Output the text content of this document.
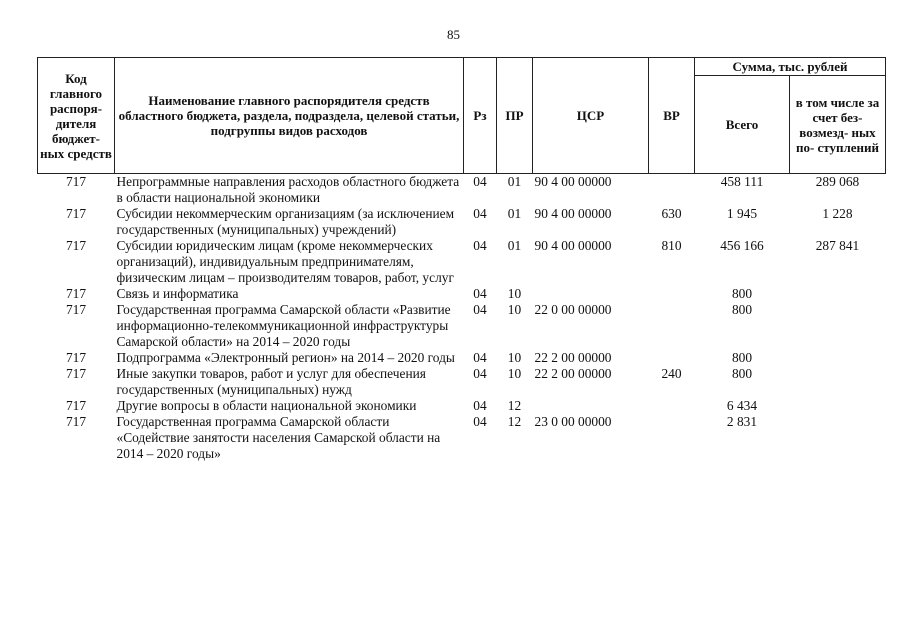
85
Код главного распоря- дителя бюджет- ных средств	Наименование главного распорядителя средств областного бюджета, раздела, подраздела, целевой статьи, подгруппы видов расходов	Рз	ПР	ЦСР	ВР	Сумма, тыс. рублей	
						Всего	в том числе за счет без- возмезд- ных по- ступлений
717	Непрограммные направления расходов областного бюджета в области национальной экономики	04	01	90 4 00 00000		458 111	289 068
717	Субсидии некоммерческим организациям (за исключением государственных (муниципальных) учреждений)	04	01	90 4 00 00000	630	1 945	1 228
717	Субсидии юридическим лицам (кроме некоммерческих организаций), индивидуальным предпринимателям, физическим лицам – производителям товаров, работ, услуг	04	01	90 4 00 00000	810	456 166	287 841
717	Связь и информатика	04	10			800	
717	Государственная программа Самарской области «Развитие информационно-телекоммуникационной инфраструктуры Самарской области» на 2014 – 2020 годы	04	10	22 0 00 00000		800	
717	Подпрограмма «Электронный регион» на 2014 – 2020 годы	04	10	22 2 00 00000		800	
717	Иные закупки товаров, работ и услуг для обеспечения государственных (муниципальных) нужд	04	10	22 2 00 00000	240	800	
717	Другие вопросы в области национальной экономики	04	12			6 434	
717	Государственная программа Самарской области «Содействие занятости населения Самарской области на 2014 – 2020 годы»	04	12	23 0 00 00000		2 831	
